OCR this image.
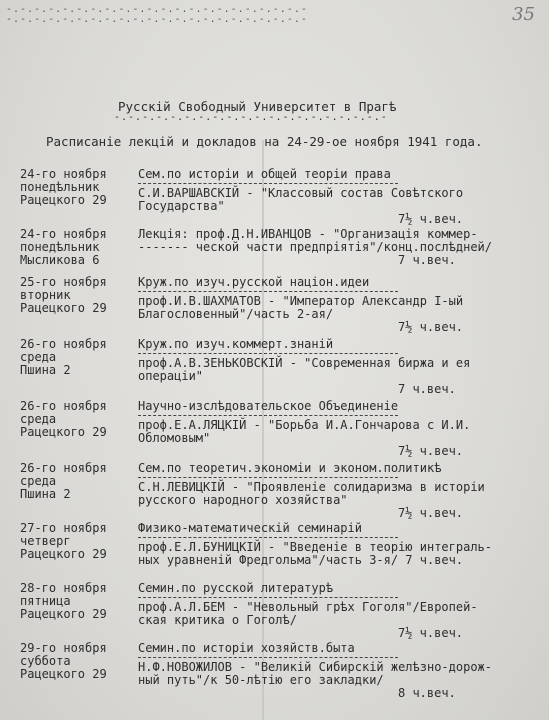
-.-.-.-.-.-.-.-.-.-.-.-.-.-.-.-.-.-.-.-.-.-
-.-.-.-.-.-.-.-.-.-.-.-.-.-.-.-.-.-.-.-.-.-	35
Русскій Свободный Университет в Прагѣ
-.-.-.-.-.-.-.-.-.-.-.-.-.-.-.-.-.-.-.-
Расписаніе лекцій и докладов на 24-29-ое ноября 1941 года.
24-го ноября
понедѣльник
Рацецкого 29
Сем.по исторіи и общей теоріи права
С.И.ВАРШАВСКІЙ - "Классовый состав Совѣтского
Государства"
7½ ч.веч.
24-го ноября
понедѣльник
Мысликова 6
Лекція: проф.Д.Н.ИВАНЦОВ - "Организація коммер-
------- ческой части предпріятія"/конц.послѣдней/
7 ч.веч.
25-го ноября
вторник
Рацецкого 29
Круж.по изуч.русской націон.идеи
проф.И.В.ШАХМАТОВ - "Император Александр I-ый
Благословенный"/часть 2-ая/
7½ ч.веч.
26-го ноября
среда
Пшина 2
Круж.по изуч.коммерт.знаній
проф.А.В.ЗЕНЬКОВСКІЙ - "Современная биржа и ея
операціи"
7 ч.веч.
26-го ноября
среда
Рацецкого 29
Научно-изслѣдовательское Объединеніе
проф.Е.А.ЛЯЦКІЙ - "Борьба И.А.Гончарова с И.И.
Обломовым"
7½ ч.веч.
26-го ноября
среда
Пшина 2
Сем.по теоретич.экономіи и эконом.политикѣ
С.Н.ЛЕВИЦКІЙ - "Проявленіе солидаризма в исторіи
русского народного хозяйства"
7½ ч.веч.
27-го ноября
четверг
Рацецкого 29
Физико-математическій семинарій
проф.Е.Л.БУНИЦКІЙ - "Введеніе в теорію интеграль-
ных уравненій Фредгольма"/часть 3-я/ 7 ч.веч.
28-го ноября
пятница
Рацецкого 29
Семин.по русской литературѣ
проф.А.Л.БЕМ - "Невольный грѣх Гоголя"/Европей-
ская критика о Гоголѣ/
7½ ч.веч.
29-го ноября
суббота
Рацецкого 29
Семин.по исторіи хозяйств.быта
Н.Ф.НОВОЖИЛОВ - "Великій Сибирскій желѣзно-дорож-
ный путь"/к 50-лѣтію его закладки/
8 ч.веч.
